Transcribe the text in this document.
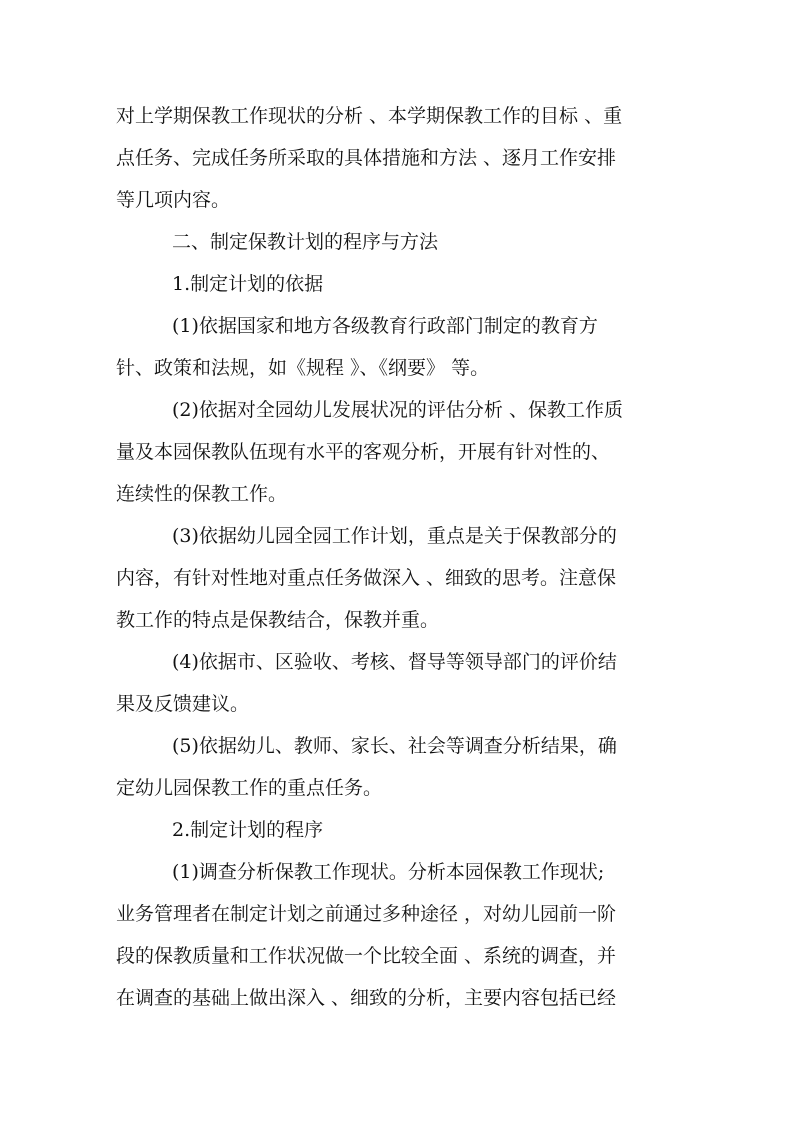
对上学期保教工作现状的分析 、本学期保教工作的目标 、重
点任务、完成任务所采取的具体措施和方法 、逐月工作安排
等几项内容。
二、制定保教计划的程序与方法
1.制定计划的依据
(1)依据国家和地方各级教育行政部门制定的教育方
针、政策和法规，如《规程 》、《纲要》 等。
(2)依据对全园幼儿发展状况的评估分析 、保教工作质
量及本园保教队伍现有水平的客观分析，开展有针对性的、
连续性的保教工作。
(3)依据幼儿园全园工作计划，重点是关于保教部分的
内容，有针对性地对重点任务做深入 、细致的思考。注意保
教工作的特点是保教结合，保教并重。
(4)依据市、区验收、考核、督导等领导部门的评价结
果及反馈建议。
(5)依据幼儿、教师、家长、社会等调查分析结果，确
定幼儿园保教工作的重点任务。
2.制定计划的程序
(1)调查分析保教工作现状。分析本园保教工作现状;
业务管理者在制定计划之前通过多种途径 ，对幼儿园前一阶
段的保教质量和工作状况做一个比较全面 、系统的调查，并
在调查的基础上做出深入 、细致的分析，主要内容包括已经
